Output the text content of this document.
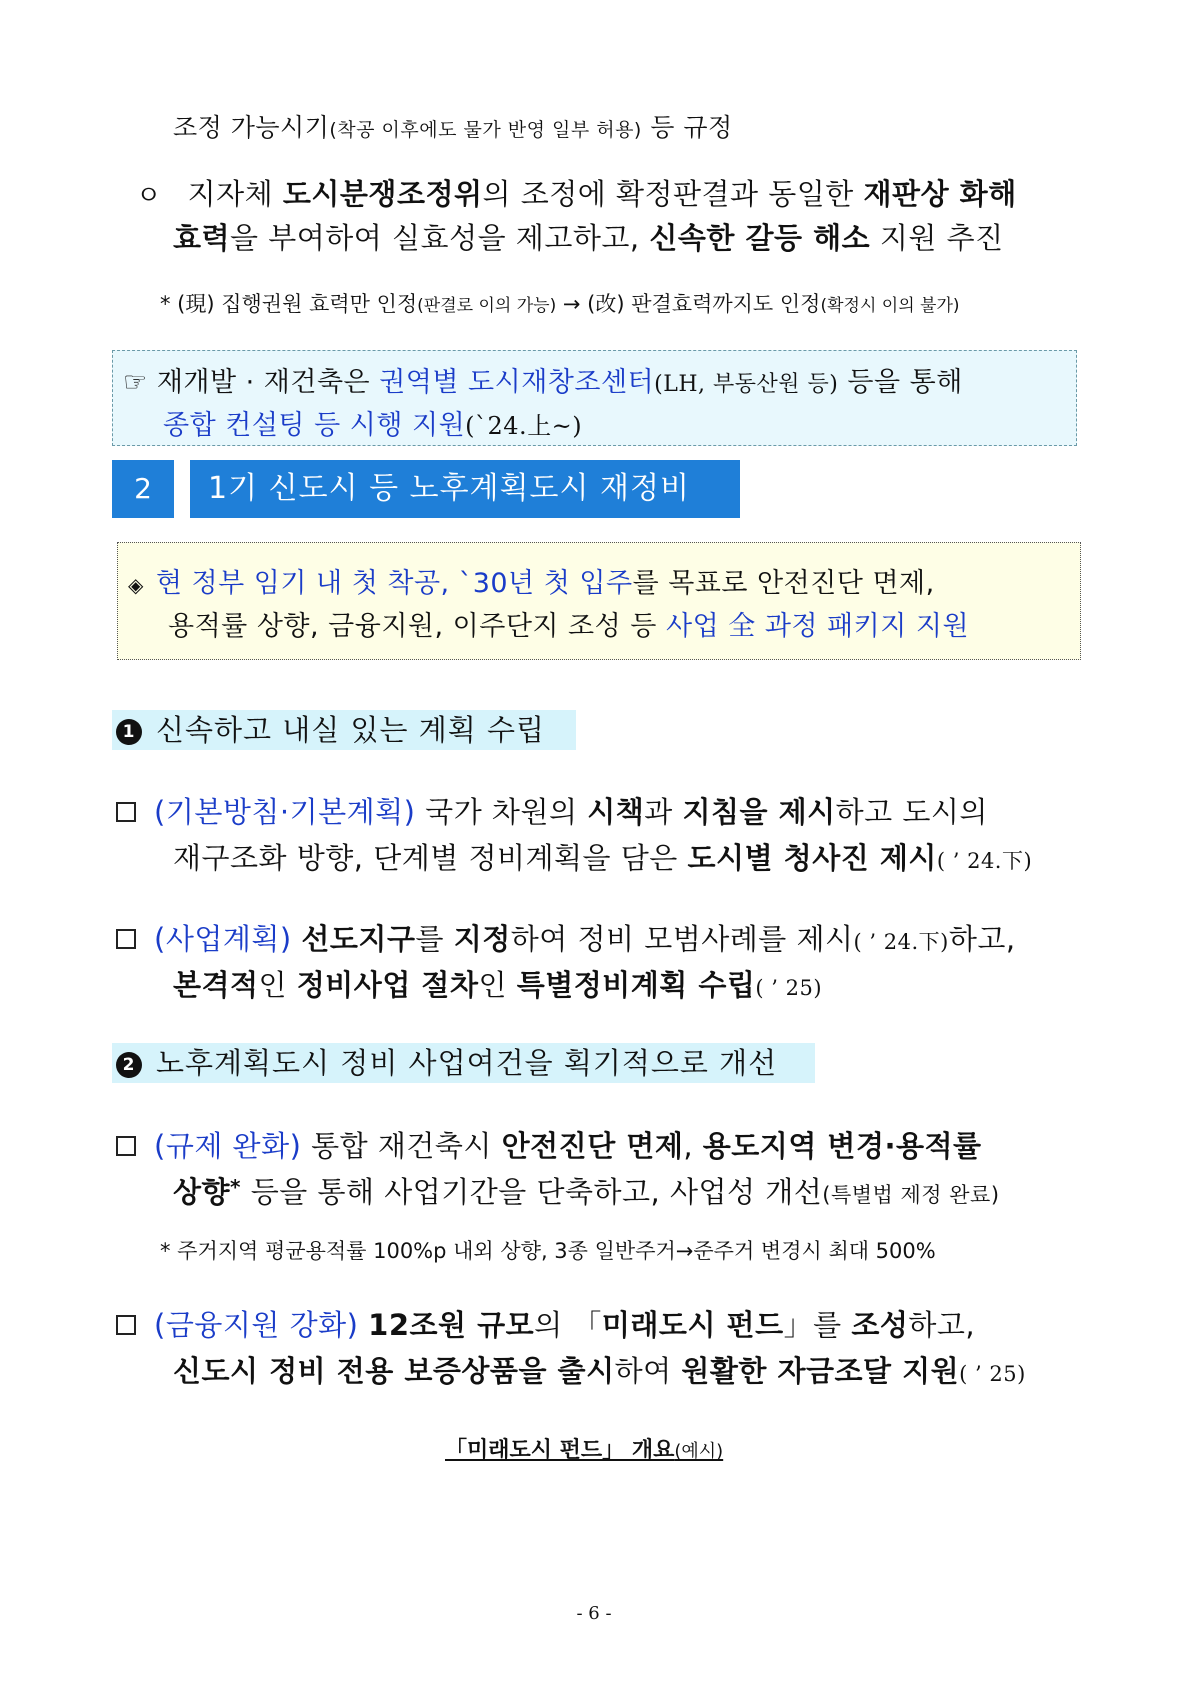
조정 가능시기(착공 이후에도 물가 반영 일부 허용) 등 규정
ㅇ 지자체 도시분쟁조정위의 조정에 확정판결과 동일한 재판상 화해
효력을 부여하여 실효성을 제고하고, 신속한 갈등 해소 지원 추진
* (現) 집행권원 효력만 인정(판결로 이의 가능) → (改) 판결효력까지도 인정(확정시 이의 불가)
☞ 재개발 · 재건축은 권역별 도시재창조센터(LH, 부동산원 등) 등을 통해
종합 컨설팅 등 시행 지원(`24.上~)
2	1기 신도시 등 노후계획도시 재정비
◈ 현 정부 임기 내 첫 착공, `30년 첫 입주를 목표로 안전진단 면제,
용적률 상향, 금융지원, 이주단지 조성 등 사업 全 과정 패키지 지원
1 신속하고 내실 있는 계획 수립
(기본방침·기본계획) 국가 차원의 시책과 지침을 제시하고 도시의
재구조화 방향, 단계별 정비계획을 담은 도시별 청사진 제시( ’ 24.下)
(사업계획) 선도지구를 지정하여 정비 모범사례를 제시( ’ 24.下)하고,
본격적인 정비사업 절차인 특별정비계획 수립( ’ 25)
2 노후계획도시 정비 사업여건을 획기적으로 개선
(규제 완화) 통합 재건축시 안전진단 면제, 용도지역 변경·용적률
상향* 등을 통해 사업기간을 단축하고, 사업성 개선(특별법 제정 완료)
* 주거지역 평균용적률 100%p 내외 상향, 3종 일반주거→준주거 변경시 최대 500%
(금융지원 강화) 12조원 규모의 「미래도시 펀드」를 조성하고,
신도시 정비 전용 보증상품을 출시하여 원활한 자금조달 지원( ’ 25)
「미래도시 펀드」 개요(예시)
- 6 -
